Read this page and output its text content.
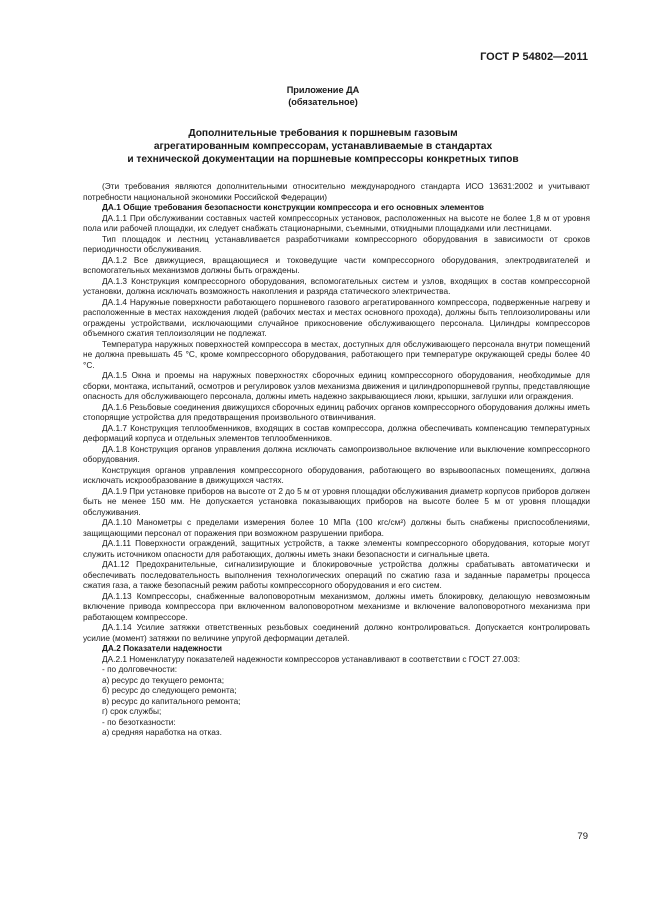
ГОСТ Р 54802—2011
Приложение ДА
(обязательное)
Дополнительные требования к поршневым газовым
агрегатированным компрессорам, устанавливаемые в стандартах
и технической документации на поршневые компрессоры конкретных типов

(Эти требования являются дополнительными относительно международного стандарта ИСО 13631:2002 и учитывают потребности национальной экономики Российской Федерации)

ДА.1 Общие требования безопасности конструкции компрессора и его основных элементов

ДА.1.1 При обслуживании составных частей компрессорных установок, расположенных на высоте не более 1,8 м от уровня пола или рабочей площадки, их следует снабжать стационарными, съемными, откидными площадками или лестницами.

Тип площадок и лестниц устанавливается разработчиками компрессорного оборудования в зависимости от сроков периодичности обслуживания.

ДА.1.2 Все движущиеся, вращающиеся и токоведущие части компрессорного оборудования, электродвигателей и вспомогательных механизмов должны быть ограждены.

ДА.1.3 Конструкция компрессорного оборудования, вспомогательных систем и узлов, входящих в состав компрессорной установки, должна исключать возможность накопления и разряда статического электричества.

ДА.1.4 Наружные поверхности работающего поршневого газового агрегатированного компрессора, подверженные нагреву и расположенные в местах нахождения людей (рабочих местах и местах основного прохода), должны быть теплоизолированы или ограждены устройствами, исключающими случайное прикосновение обслуживающего персонала. Цилиндры компрессоров объемного сжатия теплоизоляции не подлежат.

Температура наружных поверхностей компрессора в местах, доступных для обслуживающего персонала внутри помещений не должна превышать 45 °С, кроме компрессорного оборудования, работающего при температуре окружающей среды более 40 °С.

ДА.1.5 Окна и проемы на наружных поверхностях сборочных единиц компрессорного оборудования, необходимые для сборки, монтажа, испытаний, осмотров и регулировок узлов механизма движения и цилиндропоршневой группы, представляющие опасность для обслуживающего персонала, должны иметь надежно закрывающиеся люки, крышки, заглушки или ограждения.

ДА.1.6 Резьбовые соединения движущихся сборочных единиц рабочих органов компрессорного оборудования должны иметь стопорящие устройства для предотвращения произвольного отвинчивания.

ДА.1.7 Конструкция теплообменников, входящих в состав компрессора, должна обеспечивать компенсацию температурных деформаций корпуса и отдельных элементов теплообменников.

ДА.1.8 Конструкция органов управления должна исключать самопроизвольное включение или выключение компрессорного оборудования.

Конструкция органов управления компрессорного оборудования, работающего во взрывоопасных помещениях, должна исключать искрообразование в движущихся частях.

ДА.1.9 При установке приборов на высоте от 2 до 5 м от уровня площадки обслуживания диаметр корпусов приборов должен быть не менее 150 мм. Не допускается установка показывающих приборов на высоте более 5 м от уровня площадки обслуживания.

ДА.1.10 Манометры с пределами измерения более 10 МПа (100 кгс/см²) должны быть снабжены приспособлениями, защищающими персонал от поражения при возможном разрушении прибора.

ДА.1.11 Поверхности ограждений, защитных устройств, а также элементы компрессорного оборудования, которые могут служить источником опасности для работающих, должны иметь знаки безопасности и сигнальные цвета.

ДА1.12 Предохранительные, сигнализирующие и блокировочные устройства должны срабатывать автоматически и обеспечивать последовательность выполнения технологических операций по сжатию газа и заданные параметры процесса сжатия газа, а также безопасный режим работы компрессорного оборудования и его систем.

ДА.1.13 Компрессоры, снабженные валоповоротным механизмом, должны иметь блокировку, делающую невозможным включение привода компрессора при включенном валоповоротном механизме и включение валоповоротного механизма при работающем компрессоре.

ДА.1.14 Усилие затяжки ответственных резьбовых соединений должно контролироваться. Допускается контролировать усилие (момент) затяжки по величине упругой деформации деталей.

ДА.2 Показатели надежности

ДА.2.1 Номенклатуру показателей надежности компрессоров устанавливают в соответствии с ГОСТ 27.003:

- по долговечности:

а) ресурс до текущего ремонта;

б) ресурс до следующего ремонта;

в) ресурс до капитального ремонта;

г) срок службы;

- по безотказности:

а) средняя наработка на отказ.

79
